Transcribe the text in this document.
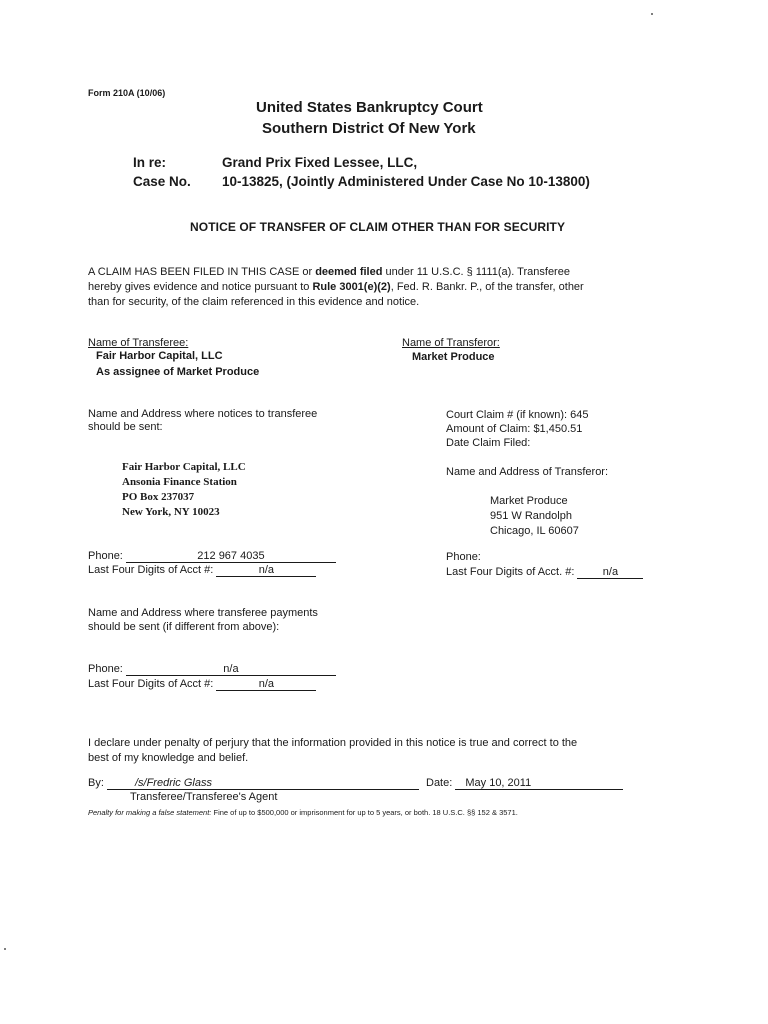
Form 210A (10/06)
United States Bankruptcy Court
Southern District Of New York
In re:	Grand Prix Fixed Lessee, LLC,
Case No. 10-13825, (Jointly Administered Under Case No 10-13800)
NOTICE OF TRANSFER OF CLAIM OTHER THAN FOR SECURITY
A CLAIM HAS BEEN FILED IN THIS CASE or deemed filed under 11 U.S.C. § 1111(a). Transferee
hereby gives evidence and notice pursuant to Rule 3001(e)(2), Fed. R. Bankr. P., of the transfer, other
than for security, of the claim referenced in this evidence and notice.
Name of Transferee:
Fair Harbor Capital, LLC
As assignee of Market Produce
Name and Address where notices to transferee
should be sent:
Fair Harbor Capital, LLC
Ansonia Finance Station
PO Box 237037
New York, NY 10023
Phone:	212 967 4035
Last Four Digits of Acct #:	n/a
Name and Address where transferee payments
should be sent (if different from above):
Phone:	n/a
Last Four Digits of Acct #:	n/a
Name of Transferor:
Market Produce
Court Claim # (if known): 645
Amount of Claim: $1,450.51
Date Claim Filed:
Name and Address of Transferor:
Market Produce
951 W Randolph
Chicago, IL 60607
Phone:
Last Four Digits of Acct. #:	n/a
I declare under penalty of perjury that the information provided in this notice is true and correct to the
best of my knowledge and belief.
By:	/s/Fredric Glass	Date: May 10, 2011
Transferee/Transferee's Agent
Penalty for making a false statement: Fine of up to $500,000 or imprisonment for up to 5 years, or both. 18 U.S.C. §§ 152 & 3571.
